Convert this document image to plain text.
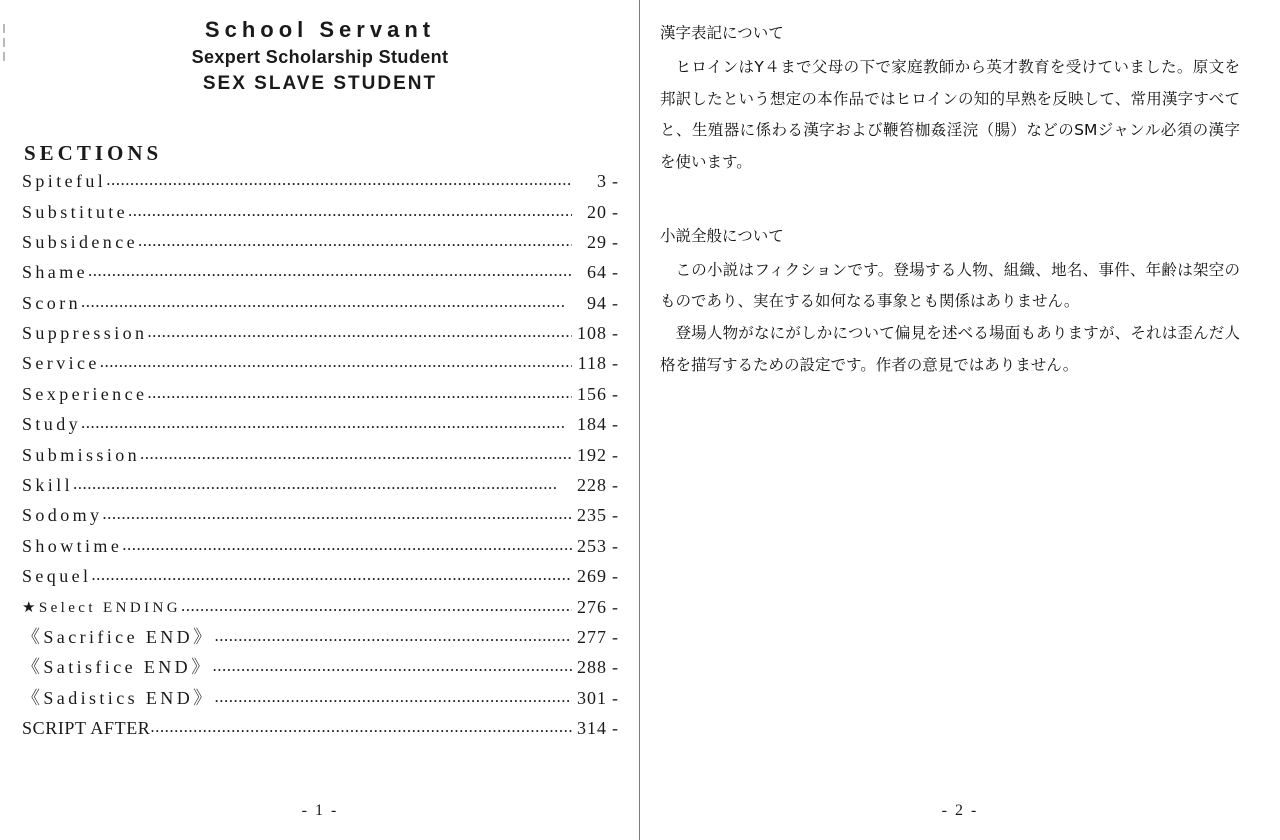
School Servant
Sexpert Scholarship Student
SEX SLAVE STUDENT
SECTIONS
Spiteful .....	3 -
Substitute .....	20 -
Subsidence .....	29 -
Shame .....	64 -
Scorn .....	94 -
Suppression .....	108 -
Service .....	118 -
Sexperience .....	156 -
Study .....	184 -
Submission .....	192 -
Skill .....	228 -
Sodomy .....	235 -
Showtime .....	253 -
Sequel .....	269 -
★Select ENDING .....	276 -
《Sacrifice END》 .....	277 -
《Satisfice END》 .....	288 -
《Sadistics END》 .....	301 -
SCRIPT AFTER .....	314 -
- 1 -
漢字表記について

ヒロインはY４まで父母の下で家庭教師から英才教育を受けていました。原文を邦訳したという想定の本作品ではヒロインの知的早熟を反映して、常用漢字すべてと、生殖器に係わる漢字および鞭笞枷姦淫浣（腸）などのSMジャンル必須の漢字を使います。

小説全般について

この小説はフィクションです。登場する人物、組織、地名、事件、年齢は架空のものであり、実在する如何なる事象とも関係はありません。

登場人物がなにがしかについて偏見を述べる場面もありますが、それは歪んだ人格を描写するための設定です。作者の意見ではありません。

- 2 -
